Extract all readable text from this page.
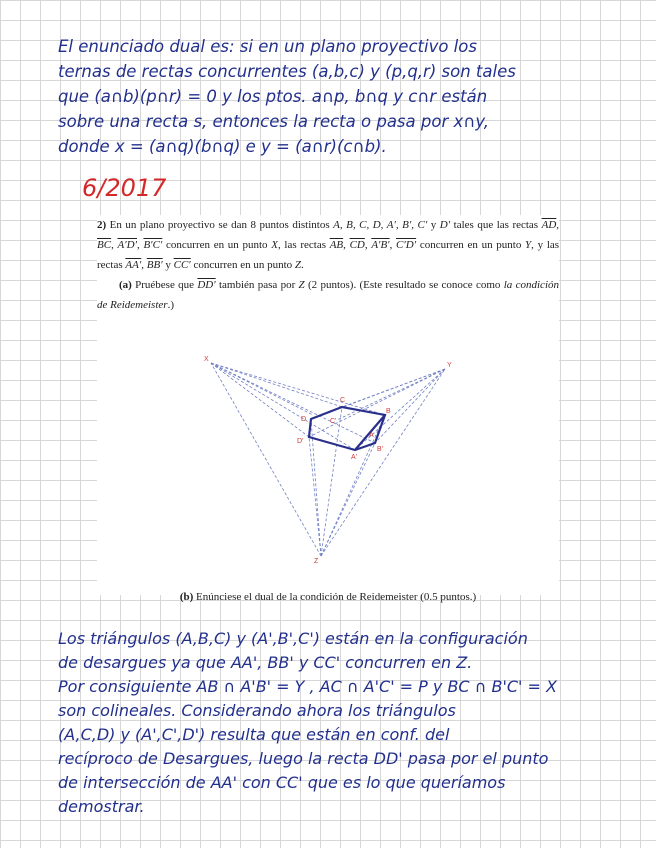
El enunciado dual es: si en un plano proyectivo los
ternas de rectas concurrentes (a,b,c) y (p,q,r) son tales
que (a∩b)(p∩r) = 0 y los ptos. a∩p, b∩q y c∩r están
sobre una recta s, entonces la recta o pasa por x∩y,
donde x = (a∩q)(b∩q) e y = (a∩r)(c∩b).
6/2017

2) En un plano proyectivo se dan 8 puntos distintos A, B, C, D, A′, B′, C′ y D′ tales que las rectas $\overline{AD}$, $\overline{BC}$, A′D′, B′C′ concurren en un punto X, las rectas $\overline{AB}$, $\overline{CD}$, A′B′, C′D′ concurren en un punto Y, y las rectas AA′, BB′ y CC′ concurren en un punto Z.

(a) Pruébese que DD′ también pasa por Z (2 puntos). (Este resultado se conoce como la condición de Reidemeister.)

X
Y
Z
C
B
D	C'
D'
B'
A
A'

(b) Enúnciese el dual de la condición de Reidemeister (0.5 puntos.)

Los triángulos (A,B,C) y (A',B',C') están en la configuración
de desargues ya que AA', BB' y CC' concurren en Z.
Por consiguiente AB ∩ A'B' = Y , AC ∩ A'C' = P y BC ∩ B'C' = X
son colineales. Considerando ahora los triángulos
(A,C,D) y (A',C',D') resulta que están en conf. del
recíproco de Desargues, luego la recta DD' pasa por el punto
de intersección de AA' con CC' que es lo que queríamos
demostrar.
